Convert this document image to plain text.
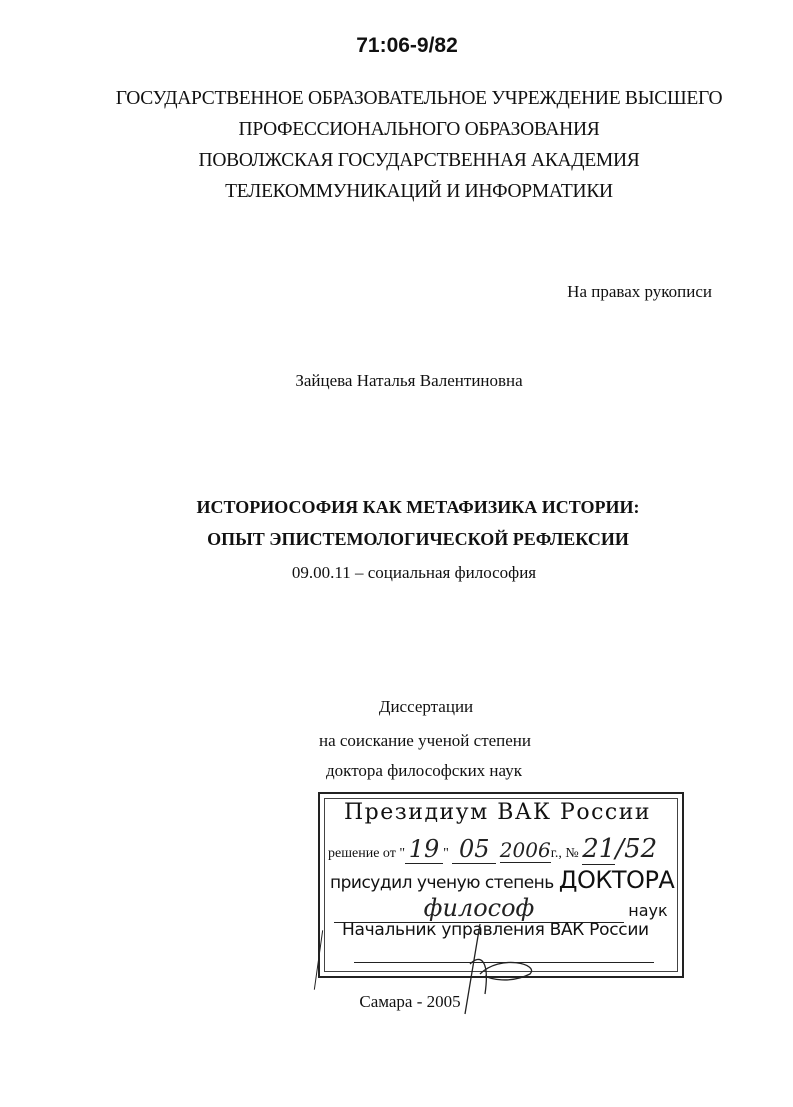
71:06-9/82
ГОСУДАРСТВЕННОЕ ОБРАЗОВАТЕЛЬНОЕ УЧРЕЖДЕНИЕ ВЫСШЕГО
ПРОФЕССИОНАЛЬНОГО ОБРАЗОВАНИЯ
ПОВОЛЖСКАЯ ГОСУДАРСТВЕННАЯ АКАДЕМИЯ
ТЕЛЕКОММУНИКАЦИЙ И ИНФОРМАТИКИ
На правах рукописи
Зайцева Наталья Валентиновна
ИСТОРИОСОФИЯ КАК МЕТАФИЗИКА ИСТОРИИ:
ОПЫТ ЭПИСТЕМОЛОГИЧЕСКОЙ РЕФЛЕКСИИ
09.00.11 – социальная философия
Диссертации
на соискание ученой степени
доктора философских наук
Президиум ВАК России
решение от " 19 " 05 2006г., № 21/52
присудил ученую степень ДОКТОРА
философ	наук
Начальник управления ВАК России
Самара - 2005
